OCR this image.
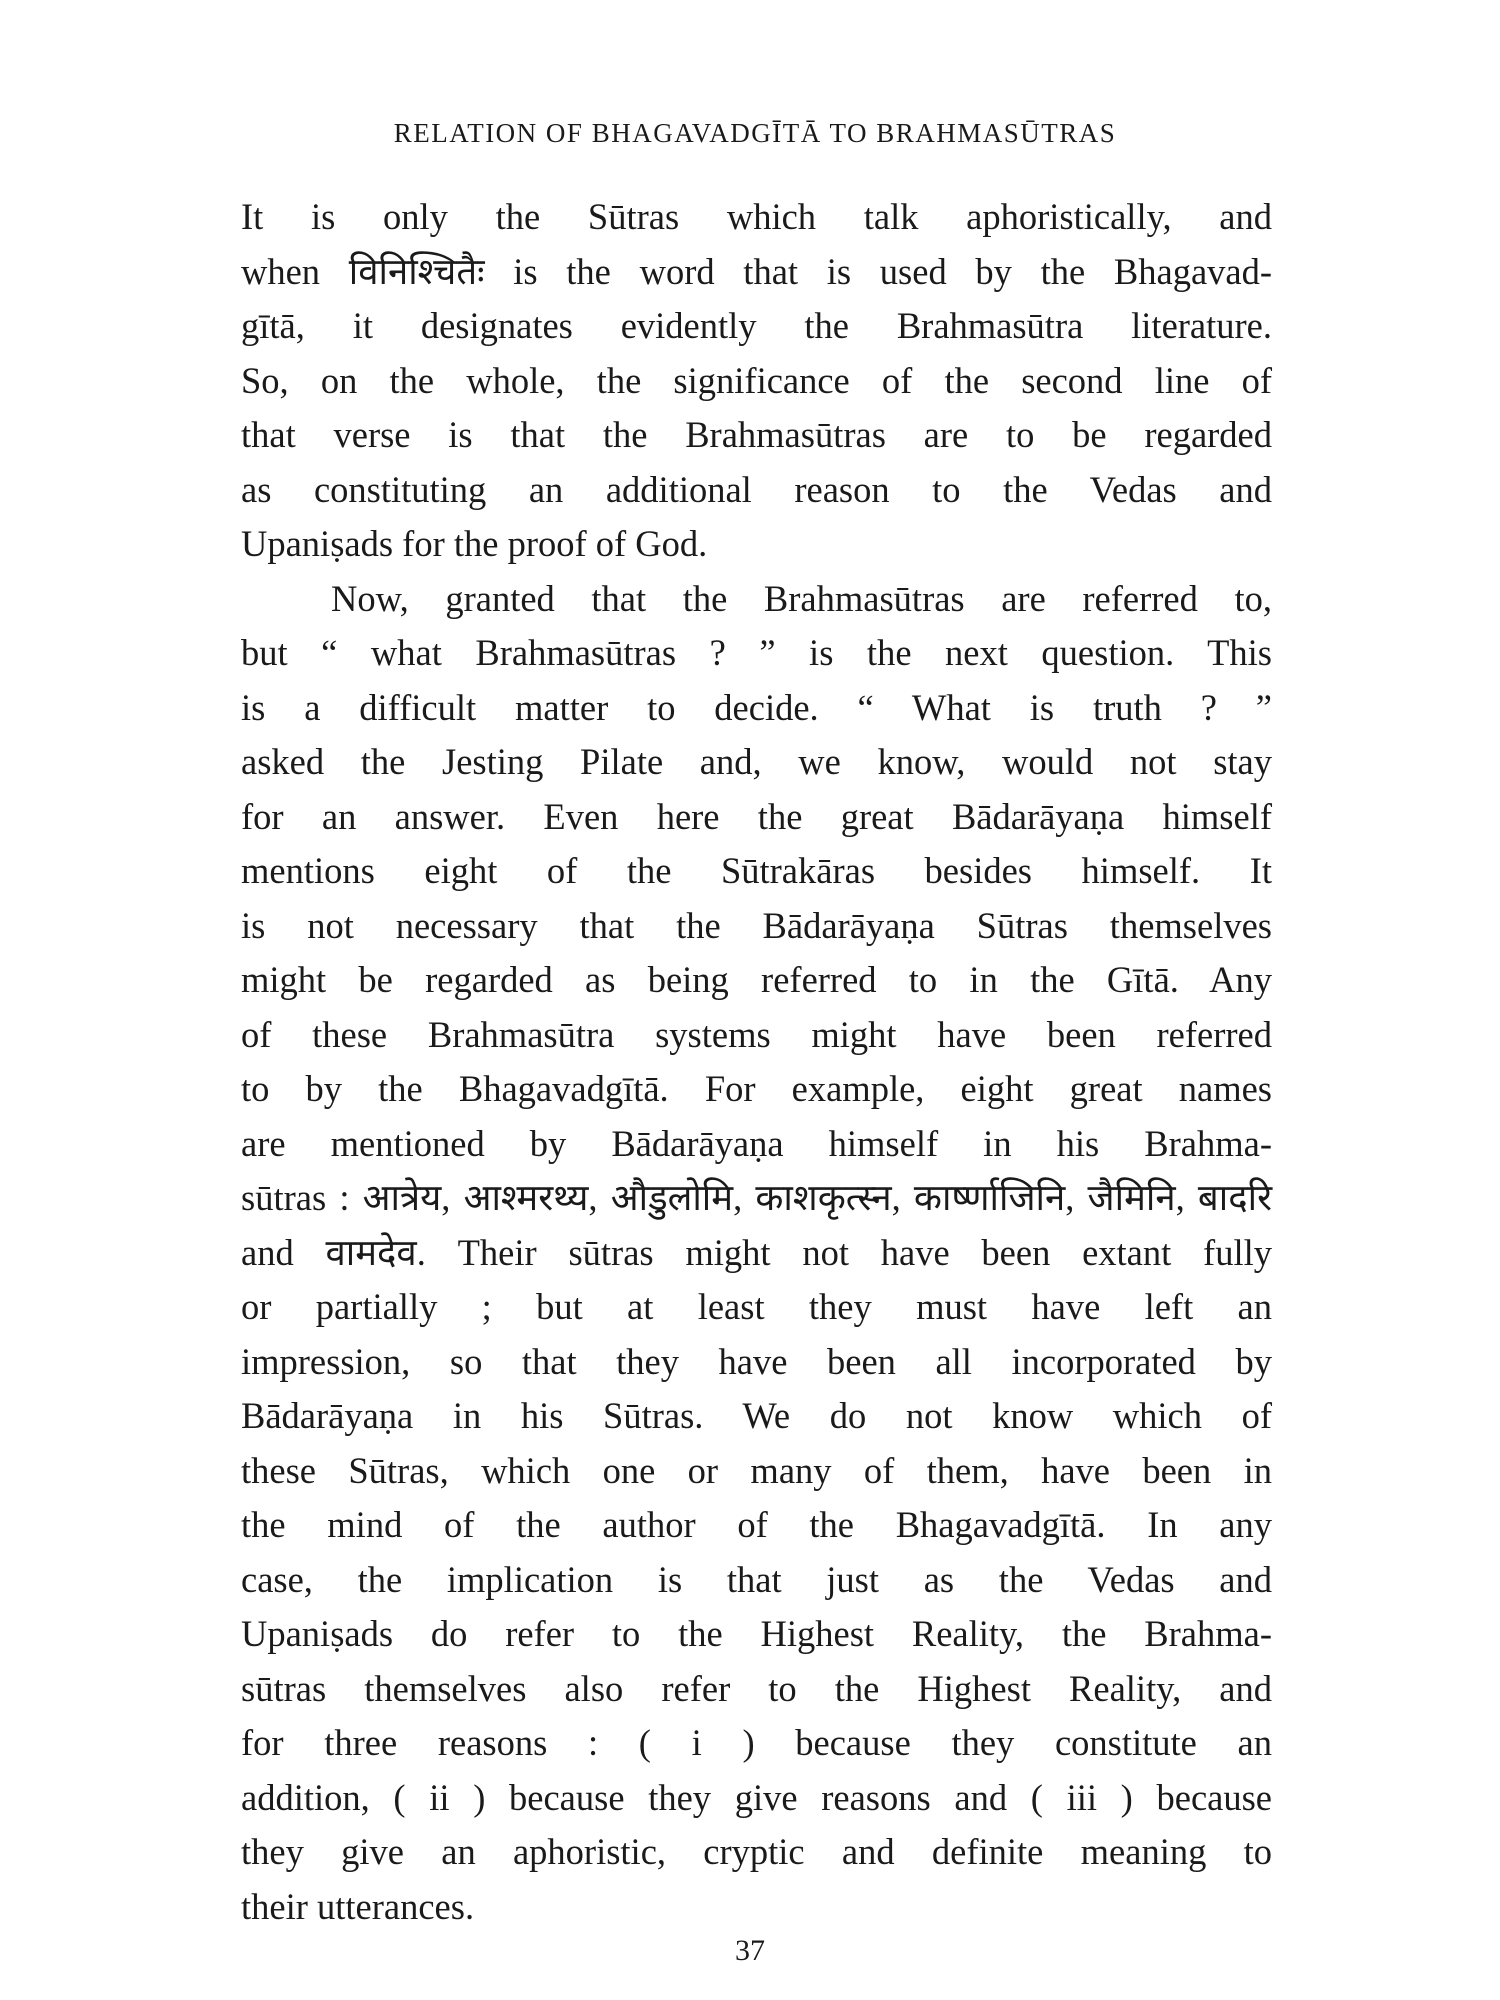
RELATION OF BHAGAVADGĪTĀ TO BRAHMASŪTRAS
It is only the Sūtras which talk aphoristically, and
when विनिश्चितैः is the word that is used by the Bhagavad-
gītā, it designates evidently the Brahmasūtra literature.
So, on the whole, the significance of the second line of
that verse is that the Brahmasūtras are to be regarded
as constituting an additional reason to the Vedas and
Upaniṣads for the proof of God.
Now, granted that the Brahmasūtras are referred to,
but “ what Brahmasūtras ? ” is the next question. This
is a difficult matter to decide. “ What is truth ? ”
asked the Jesting Pilate and, we know, would not stay
for an answer. Even here the great Bādarāyaṇa himself
mentions eight of the Sūtrakāras besides himself. It
is not necessary that the Bādarāyaṇa Sūtras themselves
might be regarded as being referred to in the Gītā. Any
of these Brahmasūtra systems might have been referred
to by the Bhagavadgītā. For example, eight great names
are mentioned by Bādarāyaṇa himself in his Brahma-
sūtras : आत्रेय, आश्मरथ्य, औडुलोमि, काशकृत्स्न, कार्ष्णाजिनि, जैमिनि, बादरि
and वामदेव. Their sūtras might not have been extant fully
or partially ; but at least they must have left an
impression, so that they have been all incorporated by
Bādarāyaṇa in his Sūtras. We do not know which of
these Sūtras, which one or many of them, have been in
the mind of the author of the Bhagavadgītā. In any
case, the implication is that just as the Vedas and
Upaniṣads do refer to the Highest Reality, the Brahma-
sūtras themselves also refer to the Highest Reality, and
for three reasons : ( i ) because they constitute an
addition, ( ii ) because they give reasons and ( iii ) because
they give an aphoristic, cryptic and definite meaning to
their utterances.
37
